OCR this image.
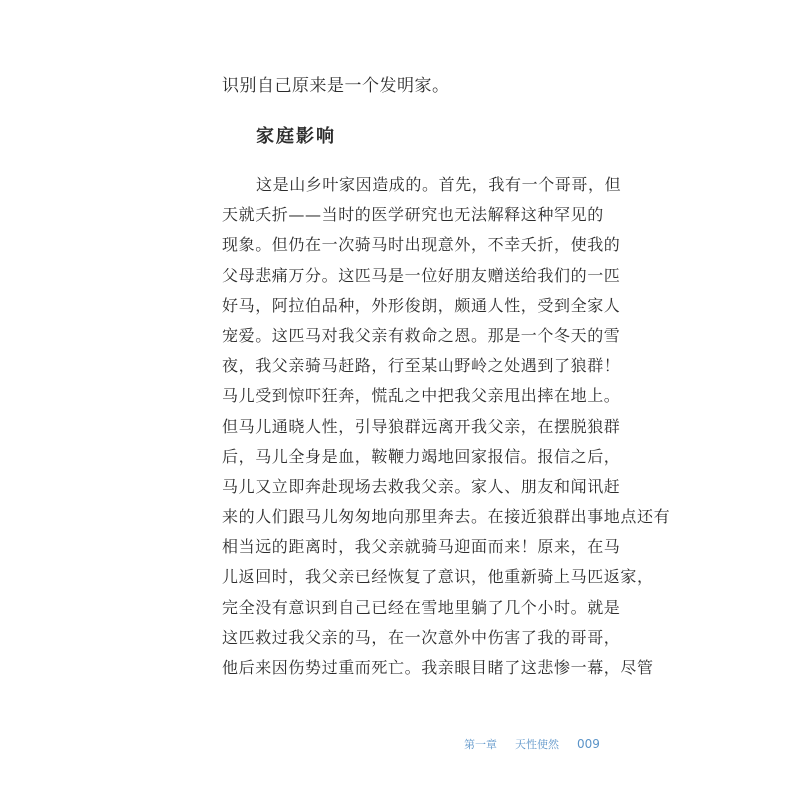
识别自己原来是一个发明家。
家庭影响
这是山乡叶家因造成的。首先，我有一个哥哥，但
天就夭折——当时的医学研究也无法解释这种罕见的
现象。但仍在一次骑马时出现意外，不幸夭折，使我的
父母悲痛万分。这匹马是一位好朋友赠送给我们的一匹
好马，阿拉伯品种，外形俊朗，颇通人性，受到全家人
宠爱。这匹马对我父亲有救命之恩。那是一个冬天的雪
夜，我父亲骑马赶路，行至某山野岭之处遇到了狼群！
马儿受到惊吓狂奔，慌乱之中把我父亲甩出摔在地上。
但马儿通晓人性，引导狼群远离开我父亲，在摆脱狼群
后，马儿全身是血，鞍鞭力竭地回家报信。报信之后，
马儿又立即奔赴现场去救我父亲。家人、朋友和闻讯赶
来的人们跟马儿匆匆地向那里奔去。在接近狼群出事地点还有
相当远的距离时，我父亲就骑马迎面而来！原来，在马
儿返回时，我父亲已经恢复了意识，他重新骑上马匹返家，
完全没有意识到自己已经在雪地里躺了几个小时。就是
这匹救过我父亲的马，在一次意外中伤害了我的哥哥，
他后来因伤势过重而死亡。我亲眼目睹了这悲惨一幕，尽管
第一章 天性使然 009
